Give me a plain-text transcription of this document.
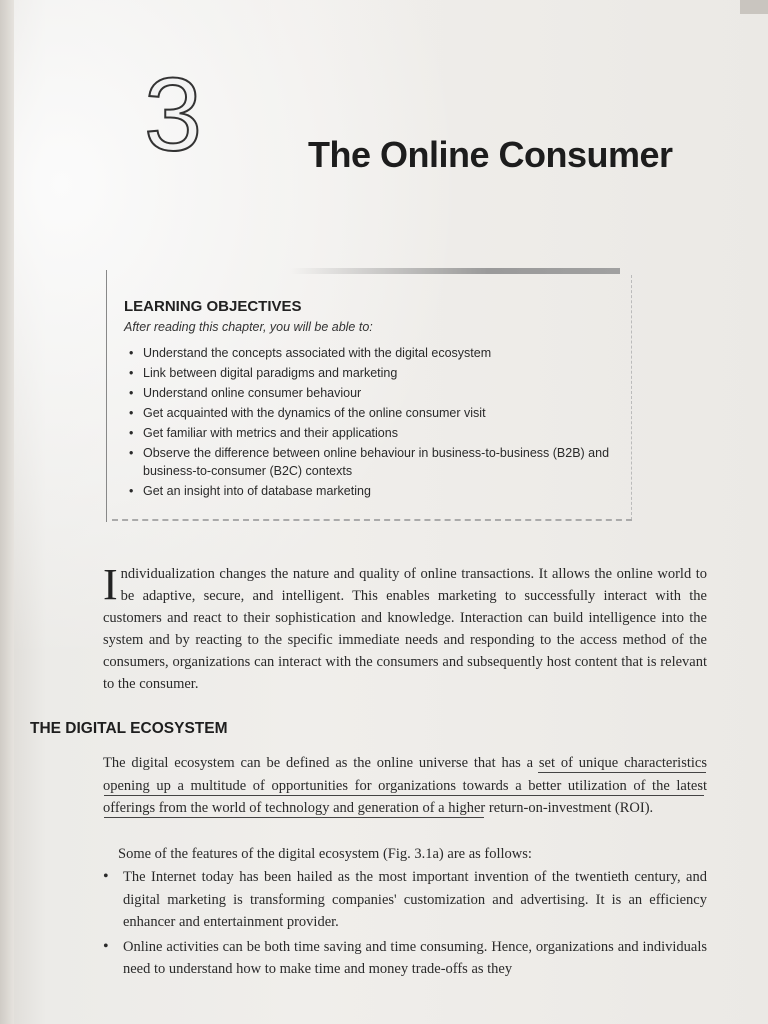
3	The Online Consumer
LEARNING OBJECTIVES
After reading this chapter, you will be able to:
• Understand the concepts associated with the digital ecosystem
• Link between digital paradigms and marketing
• Understand online consumer behaviour
• Get acquainted with the dynamics of the online consumer visit
• Get familiar with metrics and their applications
• Observe the difference between online behaviour in business-to-business (B2B) and business-to-consumer (B2C) contexts
• Get an insight into of database marketing
Individualization changes the nature and quality of online transactions. It allows the online world to be adaptive, secure, and intelligent. This enables marketing to successfully interact with the customers and react to their sophistication and knowledge. Interaction can build intelligence into the system and by reacting to the specific immediate needs and responding to the access method of the consumers, organizations can interact with the consumers and subsequently host content that is relevant to the consumer.
THE DIGITAL ECOSYSTEM
The digital ecosystem can be defined as the online universe that has a set of unique characteristics opening up a multitude of opportunities for organizations towards a better utilization of the latest offerings from the world of technology and generation of a higher return-on-investment (ROI).
Some of the features of the digital ecosystem (Fig. 3.1a) are as follows:
• The Internet today has been hailed as the most important invention of the twentieth century, and digital marketing is transforming companies' customization and advertising. It is an efficiency enhancer and entertainment provider.
• Online activities can be both time saving and time consuming. Hence, organizations and individuals need to understand how to make time and money trade-offs as they
